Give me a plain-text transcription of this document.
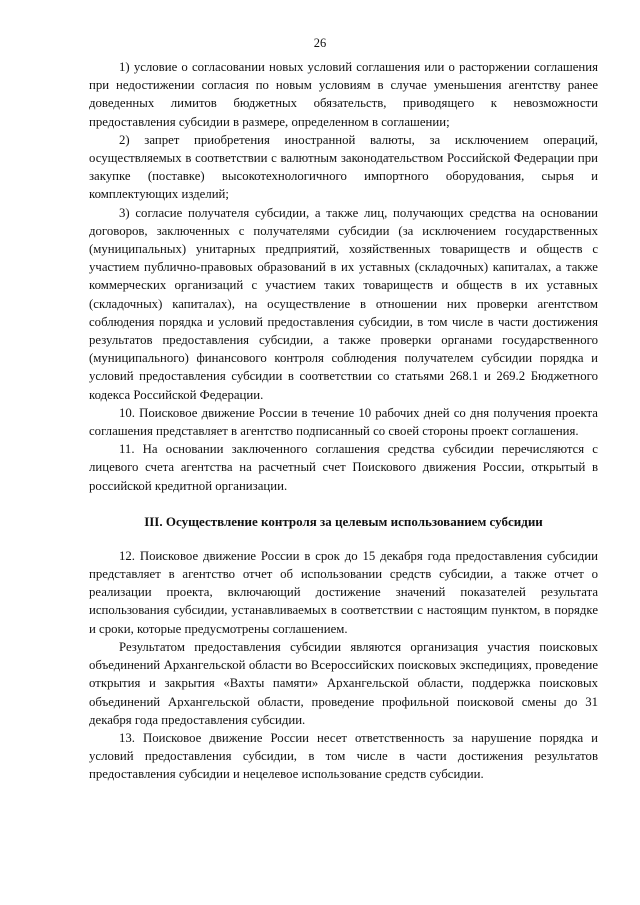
26

1) условие о согласовании новых условий соглашения или о расторжении соглашения при недостижении согласия по новым условиям в случае уменьшения агентству ранее доведенных лимитов бюджетных обязательств, приводящего к невозможности предоставления субсидии в размере, определенном в соглашении;

2) запрет приобретения иностранной валюты, за исключением операций, осуществляемых в соответствии с валютным законодательством Российской Федерации при закупке (поставке) высокотехнологичного импортного оборудования, сырья и комплектующих изделий;

3) согласие получателя субсидии, а также лиц, получающих средства на основании договоров, заключенных с получателями субсидии (за исключением государственных (муниципальных) унитарных предприятий, хозяйственных товариществ и обществ с участием публично-правовых образований в их уставных (складочных) капиталах, а также коммерческих организаций с участием таких товариществ и обществ в их уставных (складочных) капиталах), на осуществление в отношении них проверки агентством соблюдения порядка и условий предоставления субсидии, в том числе в части достижения результатов предоставления субсидии, а также проверки органами государственного (муниципального) финансового контроля соблюдения получателем субсидии порядка и условий предоставления субсидии в соответствии со статьями 268.1 и 269.2 Бюджетного кодекса Российской Федерации.

10. Поисковое движение России в течение 10 рабочих дней со дня получения проекта соглашения представляет в агентство подписанный со своей стороны проект соглашения.

11. На основании заключенного соглашения средства субсидии перечисляются с лицевого счета агентства на расчетный счет Поискового движения России, открытый в российской кредитной организации.

III. Осуществление контроля за целевым использованием субсидии

12. Поисковое движение России в срок до 15 декабря года предоставления субсидии представляет в агентство отчет об использовании средств субсидии, а также отчет о реализации проекта, включающий достижение значений показателей результата использования субсидии, устанавливаемых в соответствии с настоящим пунктом, в порядке и сроки, которые предусмотрены соглашением.

Результатом предоставления субсидии являются организация участия поисковых объединений Архангельской области во Всероссийских поисковых экспедициях, проведение открытия и закрытия «Вахты памяти» Архангельской области, поддержка поисковых объединений Архангельской области, проведение профильной поисковой смены до 31 декабря года предоставления субсидии.

13. Поисковое движение России несет ответственность за нарушение порядка и условий предоставления субсидии, в том числе в части достижения результатов предоставления субсидии и нецелевое использование средств субсидии.
